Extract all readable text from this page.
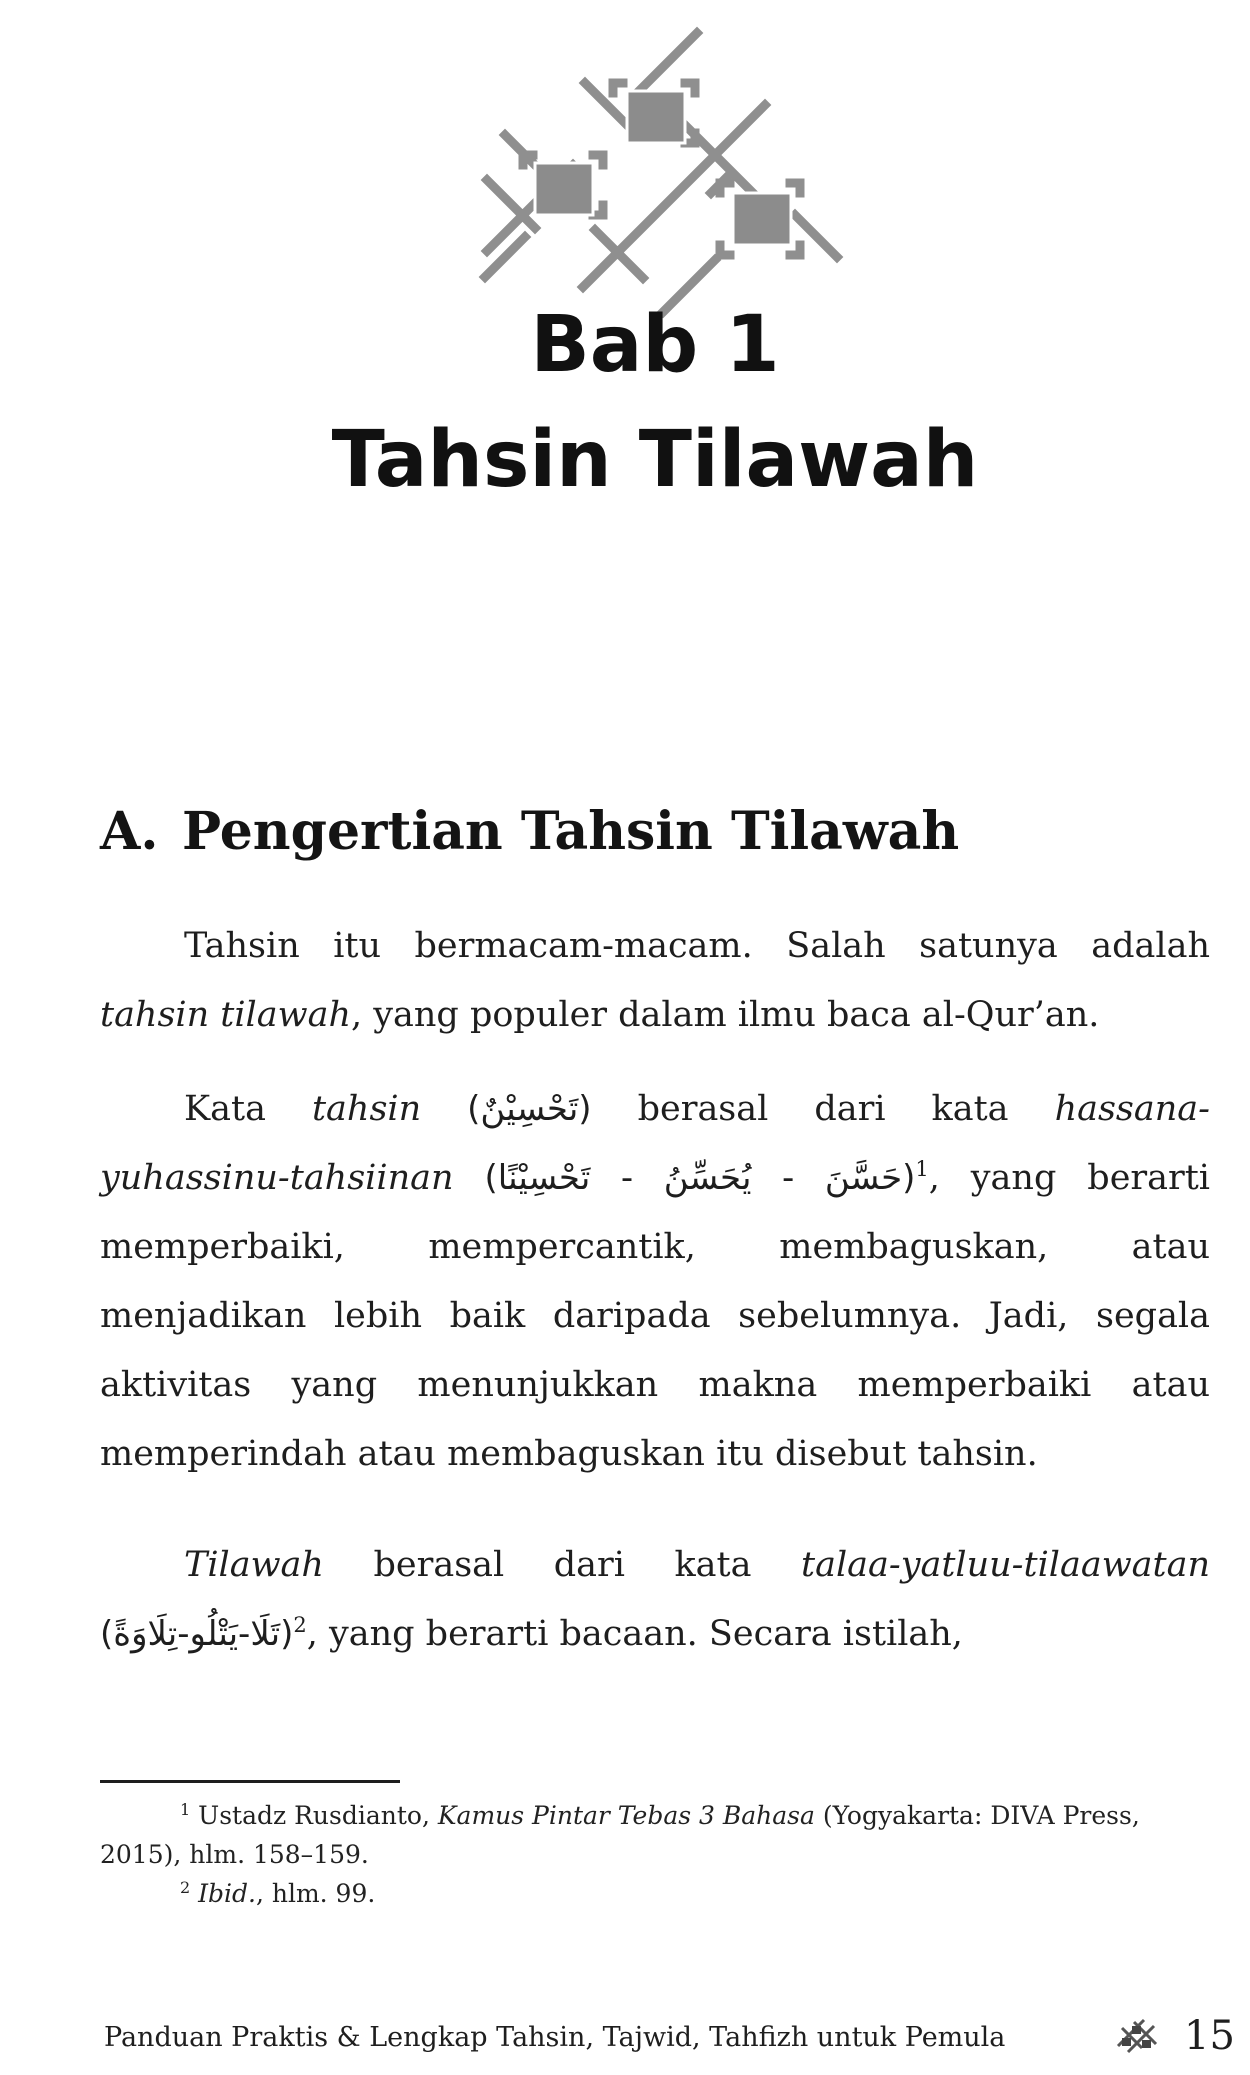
Bab 1
Tahsin Tilawah
A. Pengertian Tahsin Tilawah
Tahsin itu bermacam-macam. Salah satunya adalah
tahsin tilawah, yang populer dalam ilmu baca al-Qur’an.
Kata tahsin (تَحْسِيْنٌ) berasal dari kata hassana-
yuhassinu-tahsiinan (حَسَّنَ - يُحَسِّنُ - تَحْسِيْنًا)$^1$, yang berarti
memperbaiki, mempercantik, membaguskan, atau
menjadikan lebih baik daripada sebelumnya. Jadi, segala
aktivitas yang menunjukkan makna memperbaiki atau
memperindah atau membaguskan itu disebut tahsin.
Tilawah berasal dari kata talaa-yatluu-tilaawatan
(تَلَا-يَتْلُو-تِلَاوَةً)$^2$, yang berarti bacaan. Secara istilah,
$^1$ Ustadz Rusdianto, Kamus Pintar Tebas 3 Bahasa (Yogyakarta: DIVA Press,
2015), hlm. 158–159.
$^2$ Ibid., hlm. 99.
Panduan Praktis & Lengkap Tahsin, Tajwid, Tahfizh untuk Pemula	15
